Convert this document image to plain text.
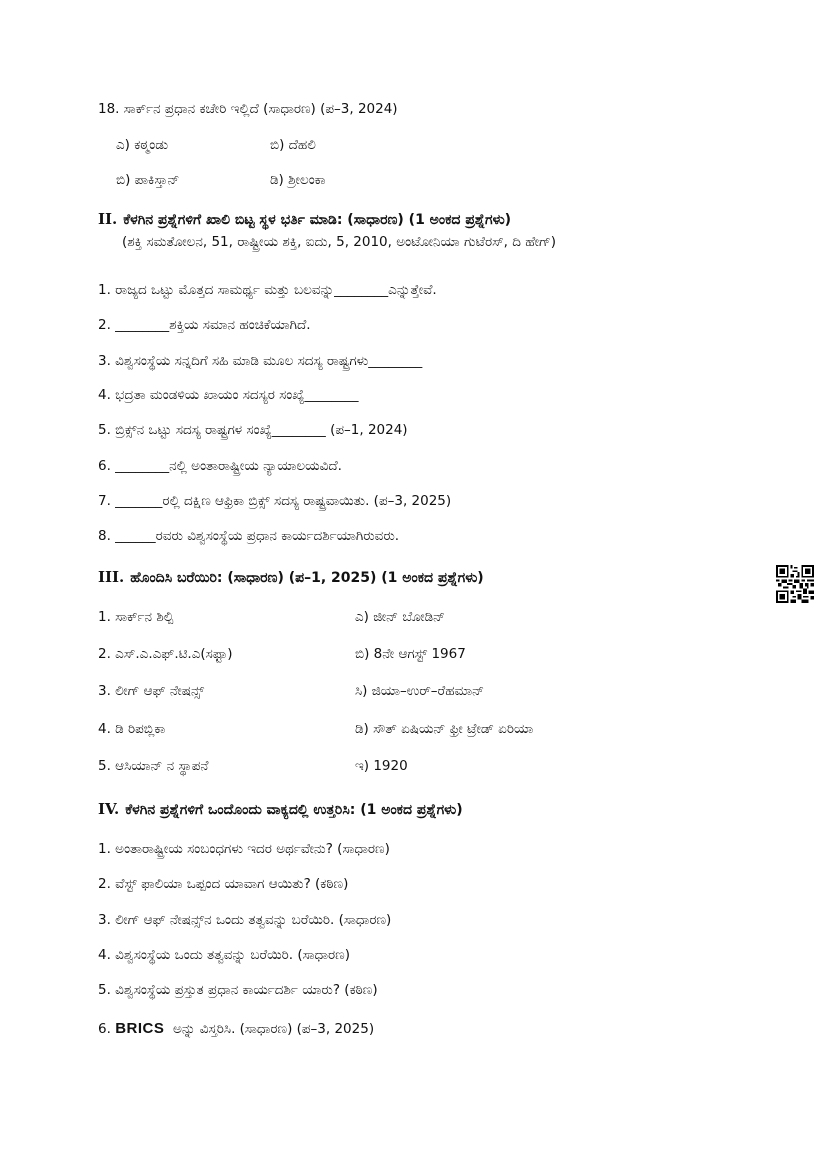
18. ಸಾರ್ಕ್‌ನ ಪ್ರಧಾನ ಕಚೇರಿ ಇಲ್ಲಿದೆ (ಸಾಧಾರಣ) (ಪ–3, 2024)
ಎ) ಕಠ್ಮಂಡು	ಬಿ) ದೆಹಲಿ
ಬಿ) ಪಾಕಿಸ್ತಾನ್	ಡಿ) ಶ್ರೀಲಂಕಾ
II. ಕೆಳಗಿನ ಪ್ರಶ್ನೆಗಳಿಗೆ ಖಾಲಿ ಬಿಟ್ಟ ಸ್ಥಳ ಭರ್ತಿ ಮಾಡಿ: (ಸಾಧಾರಣ) (1 ಅಂಕದ ಪ್ರಶ್ನೆಗಳು)
(ಶಕ್ತಿ ಸಮತೋಲನ, 51, ರಾಷ್ಟ್ರೀಯ ಶಕ್ತಿ, ಐದು, 5, 2010, ಅಂಟೋನಿಯಾ ಗುಟೆರಸ್, ದಿ ಹೇಗ್)
1. ರಾಜ್ಯದ ಒಟ್ಟು ಮೊತ್ತದ ಸಾಮರ್ಥ್ಯ ಮತ್ತು ಬಲವನ್ನು________ಎನ್ನುತ್ತೇವೆ.
2. ________ಶಕ್ತಿಯ ಸಮಾನ ಹಂಚಿಕೆಯಾಗಿದೆ.
3. ವಿಶ್ವಸಂಸ್ಥೆಯ ಸನ್ನದಿಗೆ ಸಹಿ ಮಾಡಿ ಮೂಲ ಸದಸ್ಯ ರಾಷ್ಟ್ರಗಳು________
4. ಭದ್ರತಾ ಮಂಡಳಿಯ ಖಾಯಂ ಸದಸ್ಯರ ಸಂಖ್ಯೆ________
5. ಬ್ರಿಕ್ಸ್‌ನ ಒಟ್ಟು ಸದಸ್ಯ ರಾಷ್ಟ್ರಗಳ ಸಂಖ್ಯೆ________ (ಪ–1, 2024)
6. ________ನಲ್ಲಿ ಅಂತಾರಾಷ್ಟ್ರೀಯ ನ್ಯಾಯಾಲಯವಿದೆ.
7. _______ರಲ್ಲಿ ದಕ್ಷಿಣ ಆಫ್ರಿಕಾ ಬ್ರಿಕ್ಸ್ ಸದಸ್ಯ ರಾಷ್ಟ್ರವಾಯಿತು. (ಪ–3, 2025)
8. ______ರವರು ವಿಶ್ವಸಂಸ್ಥೆಯ ಪ್ರಧಾನ ಕಾರ್ಯದರ್ಶಿಯಾಗಿರುವರು.
III. ಹೊಂದಿಸಿ ಬರೆಯಿರಿ: (ಸಾಧಾರಣ) (ಪ–1, 2025) (1 ಅಂಕದ ಪ್ರಶ್ನೆಗಳು)
1. ಸಾರ್ಕ್‌ನ ಶಿಲ್ಪಿ	ಎ) ಜೀನ್ ಬೋಡಿನ್
2. ಎಸ್.ಎ.ಎಫ್.ಟಿ.ಎ(ಸಫ್ಟಾ)	ಬಿ) 8ನೇ ಆಗಸ್ಟ್ 1967
3. ಲೀಗ್ ಆಫ್ ನೇಷನ್ಸ್	ಸಿ) ಜಿಯಾ–ಉರ್–ರೆಹಮಾನ್
4. ಡಿ ರಿಪಬ್ಲಿಕಾ	ಡಿ) ಸೌತ್ ಏಷಿಯನ್ ಫ್ರೀ ಟ್ರೇಡ್ ಏರಿಯಾ
5. ಆಸಿಯಾನ್ ನ ಸ್ಥಾಪನೆ	ಇ) 1920
IV. ಕೆಳಗಿನ ಪ್ರಶ್ನೆಗಳಿಗೆ ಒಂದೊಂದು ವಾಕ್ಯದಲ್ಲಿ ಉತ್ತರಿಸಿ: (1 ಅಂಕದ ಪ್ರಶ್ನೆಗಳು)
1. ಅಂತಾರಾಷ್ಟ್ರೀಯ ಸಂಬಂಧಗಳು ಇದರ ಅರ್ಥವೇನು? (ಸಾಧಾರಣ)
2. ವೆಸ್ಟ್ ಫಾಲಿಯಾ ಒಪ್ಪಂದ ಯಾವಾಗ ಆಯಿತು? (ಕಠಿಣ)
3. ಲೀಗ್ ಆಫ್ ನೇಷನ್ಸ್‌ನ ಒಂದು ತತ್ವವನ್ನು ಬರೆಯಿರಿ. (ಸಾಧಾರಣ)
4. ವಿಶ್ವಸಂಸ್ಥೆಯ ಒಂದು ತತ್ವವನ್ನು ಬರೆಯಿರಿ. (ಸಾಧಾರಣ)
5. ವಿಶ್ವಸಂಸ್ಥೆಯ ಪ್ರಸ್ತುತ ಪ್ರಧಾನ ಕಾರ್ಯದರ್ಶಿ ಯಾರು? (ಕಠಿಣ)
6. BRICS ಅನ್ನು ವಿಸ್ತರಿಸಿ. (ಸಾಧಾರಣ) (ಪ–3, 2025)
